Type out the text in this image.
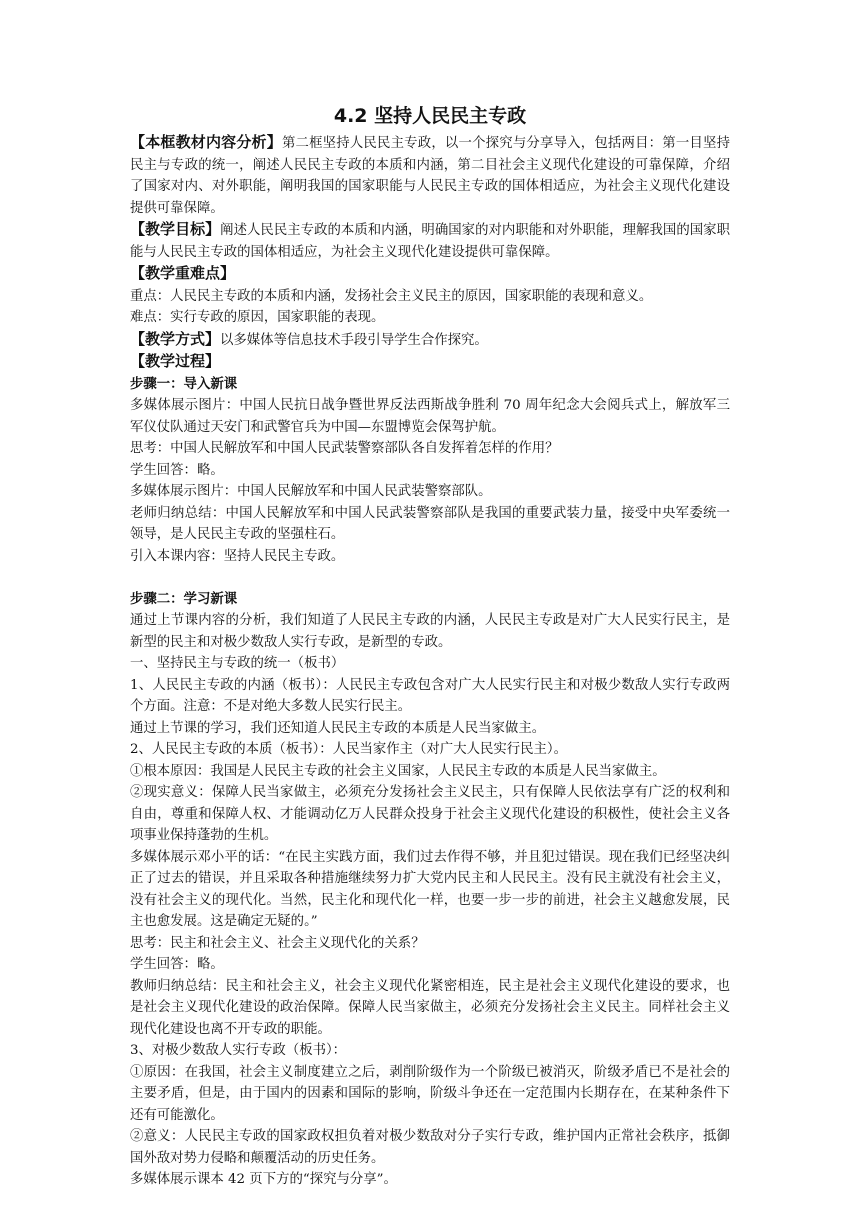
4.2 坚持人民民主专政

【本框教材内容分析】第二框坚持人民民主专政，以一个探究与分享导入，包括两目：第一目坚持民主与专政的统一，阐述人民民主专政的本质和内涵，第二目社会主义现代化建设的可靠保障，介绍了国家对内、对外职能，阐明我国的国家职能与人民民主专政的国体相适应，为社会主义现代化建设提供可靠保障。

【教学目标】阐述人民民主专政的本质和内涵，明确国家的对内职能和对外职能，理解我国的国家职能与人民民主专政的国体相适应，为社会主义现代化建设提供可靠保障。

【教学重难点】

重点：人民民主专政的本质和内涵，发扬社会主义民主的原因，国家职能的表现和意义。

难点：实行专政的原因，国家职能的表现。

【教学方式】以多媒体等信息技术手段引导学生合作探究。

【教学过程】

步骤一：导入新课

多媒体展示图片：中国人民抗日战争暨世界反法西斯战争胜利 70 周年纪念大会阅兵式上，解放军三军仪仗队通过天安门和武警官兵为中国—东盟博览会保驾护航。

思考：中国人民解放军和中国人民武装警察部队各自发挥着怎样的作用？

学生回答：略。

多媒体展示图片：中国人民解放军和中国人民武装警察部队。

老师归纳总结：中国人民解放军和中国人民武装警察部队是我国的重要武装力量，接受中央军委统一领导，是人民民主专政的坚强柱石。

引入本课内容：坚持人民民主专政。

步骤二：学习新课

通过上节课内容的分析，我们知道了人民民主专政的内涵，人民民主专政是对广大人民实行民主，是新型的民主和对极少数敌人实行专政，是新型的专政。

一、坚持民主与专政的统一（板书）

1、人民民主专政的内涵（板书）：人民民主专政包含对广大人民实行民主和对极少数敌人实行专政两个方面。注意：不是对绝大多数人民实行民主。

通过上节课的学习，我们还知道人民民主专政的本质是人民当家做主。

2、人民民主专政的本质（板书）：人民当家作主（对广大人民实行民主）。

①根本原因：我国是人民民主专政的社会主义国家，人民民主专政的本质是人民当家做主。

②现实意义：保障人民当家做主，必须充分发扬社会主义民主，只有保障人民依法享有广泛的权利和自由，尊重和保障人权、才能调动亿万人民群众投身于社会主义现代化建设的积极性，使社会主义各项事业保持蓬勃的生机。

多媒体展示邓小平的话：“在民主实践方面，我们过去作得不够，并且犯过错误。现在我们已经坚决纠正了过去的错误，并且采取各种措施继续努力扩大党内民主和人民民主。没有民主就没有社会主义，没有社会主义的现代化。当然，民主化和现代化一样，也要一步一步的前进，社会主义越愈发展，民主也愈发展。这是确定无疑的。”

思考：民主和社会主义、社会主义现代化的关系？

学生回答：略。

教师归纳总结：民主和社会主义，社会主义现代化紧密相连，民主是社会主义现代化建设的要求，也是社会主义现代化建设的政治保障。保障人民当家做主，必须充分发扬社会主义民主。同样社会主义现代化建设也离不开专政的职能。

3、对极少数敌人实行专政（板书）：

①原因：在我国，社会主义制度建立之后，剥削阶级作为一个阶级已被消灭，阶级矛盾已不是社会的主要矛盾，但是，由于国内的因素和国际的影响，阶级斗争还在一定范围内长期存在，在某种条件下还有可能激化。

②意义：人民民主专政的国家政权担负着对极少数敌对分子实行专政，维护国内正常社会秩序，抵御国外敌对势力侵略和颠覆活动的历史任务。

多媒体展示课本 42 页下方的“探究与分享”。
